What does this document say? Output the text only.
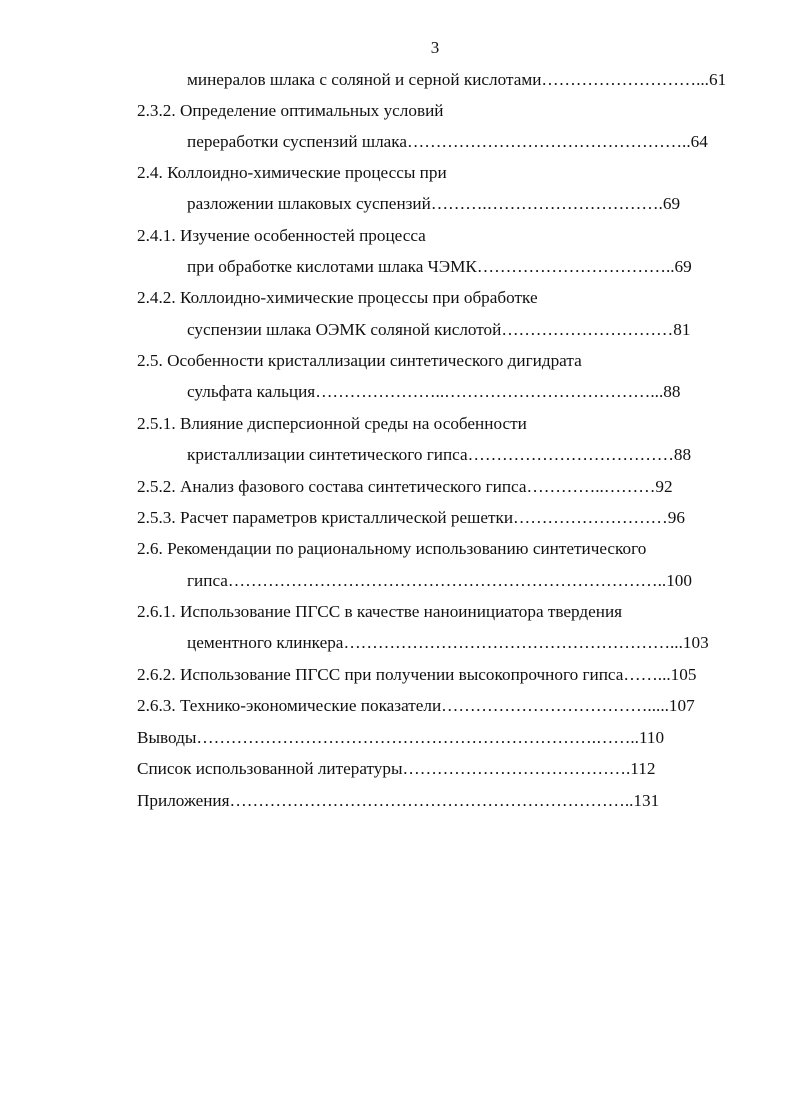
3
минералов шлака с соляной и серной кислотами………………………...61
2.3.2. Определение оптимальных условий
переработки суспензий шлака…………………………………………..64
2.4. Коллоидно-химические процессы при
разложении шлаковых суспензий……….………………………….69
2.4.1. Изучение особенностей процесса
при обработке кислотами шлака ЧЭМК……………………………..69
2.4.2. Коллоидно-химические процессы при обработке
суспензии шлака ОЭМК соляной кислотой…………………………81
2.5. Особенности кристаллизации синтетического дигидрата
сульфата кальция…………………..………………………………...88
2.5.1. Влияние дисперсионной среды на особенности
кристаллизации синтетического гипса………………………………88
2.5.2. Анализ фазового состава синтетического гипса…………..………92
2.5.3. Расчет параметров кристаллической решетки………………………96
2.6. Рекомендации по рациональному использованию синтетического
гипса…………………………………………………………………..100
2.6.1. Использование ПГСС в качестве наноинициатора твердения
цементного клинкера…………………………………………………...103
2.6.2. Использование ПГСС при получении высокопрочного гипса……...105
2.6.3. Технико-экономические показатели……………………………….....107
Выводы…………………………………………………………….……..110
Список использованной литературы………………………………….112
Приложения……………………………………………………………..131
